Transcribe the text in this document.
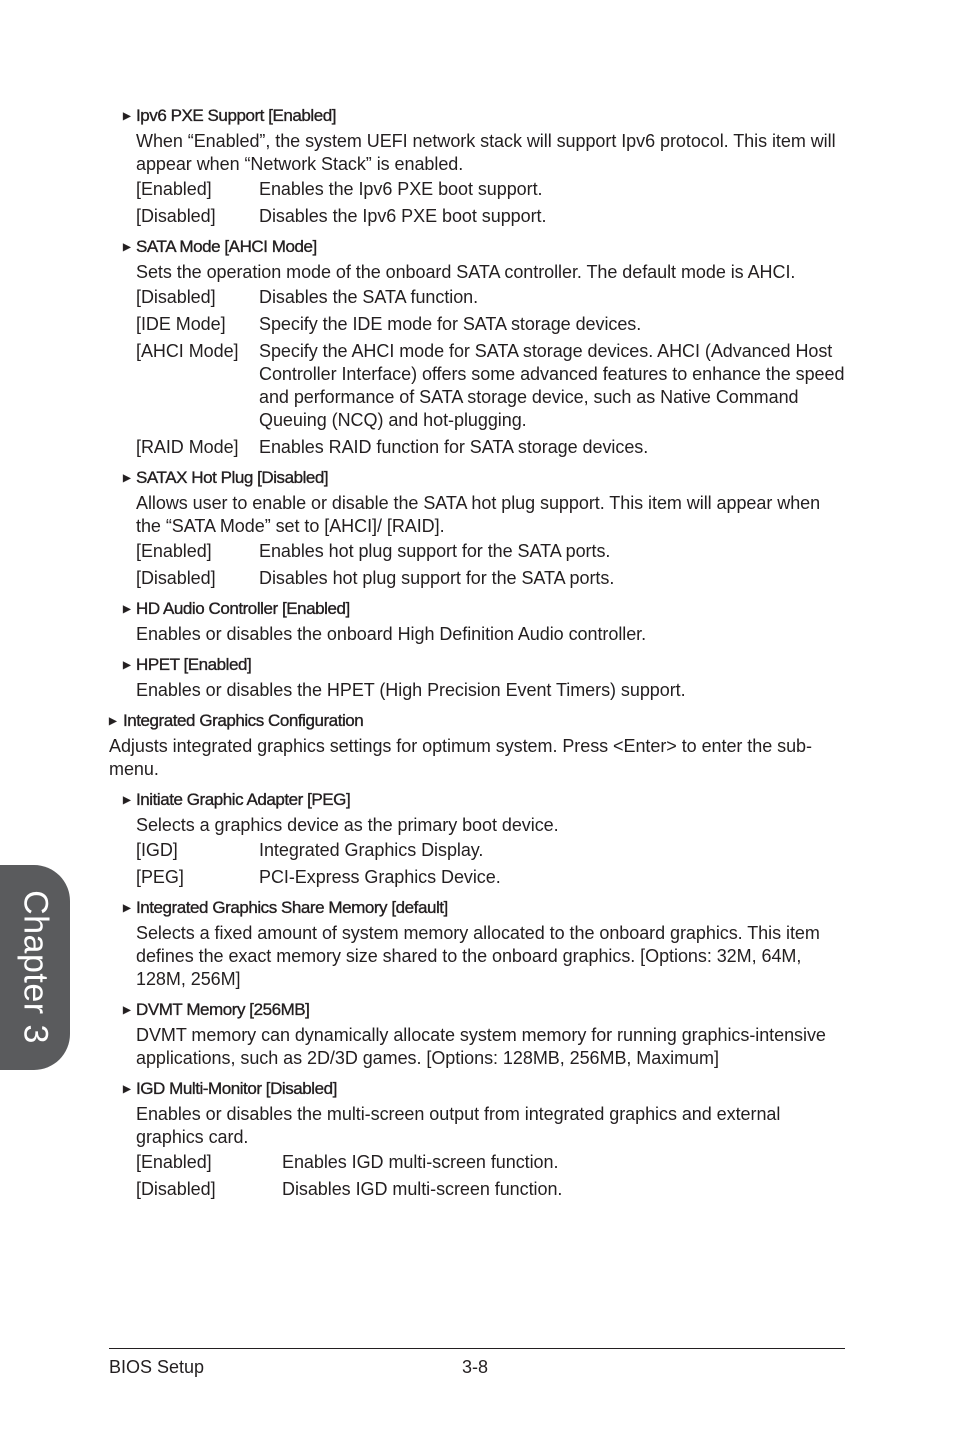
▶ Ipv6 PXE Support [Enabled]

When “Enabled”, the system UEFI network stack will support Ipv6 protocol. This item will appear when “Network Stack” is enabled.

[Enabled]	Enables the Ipv6 PXE boot support.
[Disabled]	Disables the Ipv6 PXE boot support.
▶ SATA Mode [AHCI Mode]

Sets the operation mode of the onboard SATA controller. The default mode is AHCI.

[Disabled]	Disables the SATA function.
[IDE Mode]	Specify the IDE mode for SATA storage devices.
[AHCI Mode]	Specify the AHCI mode for SATA storage devices. AHCI (Advanced Host Controller Interface) offers some advanced features to enhance the speed and performance of SATA storage device, such as Native Command Queuing (NCQ) and hot-plugging.
[RAID Mode]	Enables RAID function for SATA storage devices.
▶ SATAX Hot Plug [Disabled]

Allows user to enable or disable the SATA hot plug support. This item will appear when the “SATA Mode” set to [AHCI]/ [RAID].

[Enabled]	Enables hot plug support for the SATA ports.
[Disabled]	Disables hot plug support for the SATA ports.
▶ HD Audio Controller [Enabled]

Enables or disables the onboard High Definition Audio controller.

▶ HPET [Enabled]

Enables or disables the HPET (High Precision Event Timers) support.

▶ Integrated Graphics Configuration

Adjusts integrated graphics settings for optimum system. Press <Enter> to enter the sub-menu.

▶ Initiate Graphic Adapter [PEG]

Selects a graphics device as the primary boot device.

[IGD]	Integrated Graphics Display.
[PEG]	PCI-Express Graphics Device.
▶ Integrated Graphics Share Memory [default]

Selects a fixed amount of system memory allocated to the onboard graphics. This item defines the exact memory size shared to the onboard graphics. [Options: 32M, 64M, 128M, 256M]

▶ DVMT Memory [256MB]

DVMT memory can dynamically allocate system memory for running graphics-intensive applications, such as 2D/3D games. [Options: 128MB, 256MB, Maximum]

▶ IGD Multi-Monitor [Disabled]

Enables or disables the multi-screen output from integrated graphics and external graphics card.

[Enabled]	Enables IGD multi-screen function.
[Disabled]	Disables IGD multi-screen function.
Chapter 3
BIOS Setup	3-8
